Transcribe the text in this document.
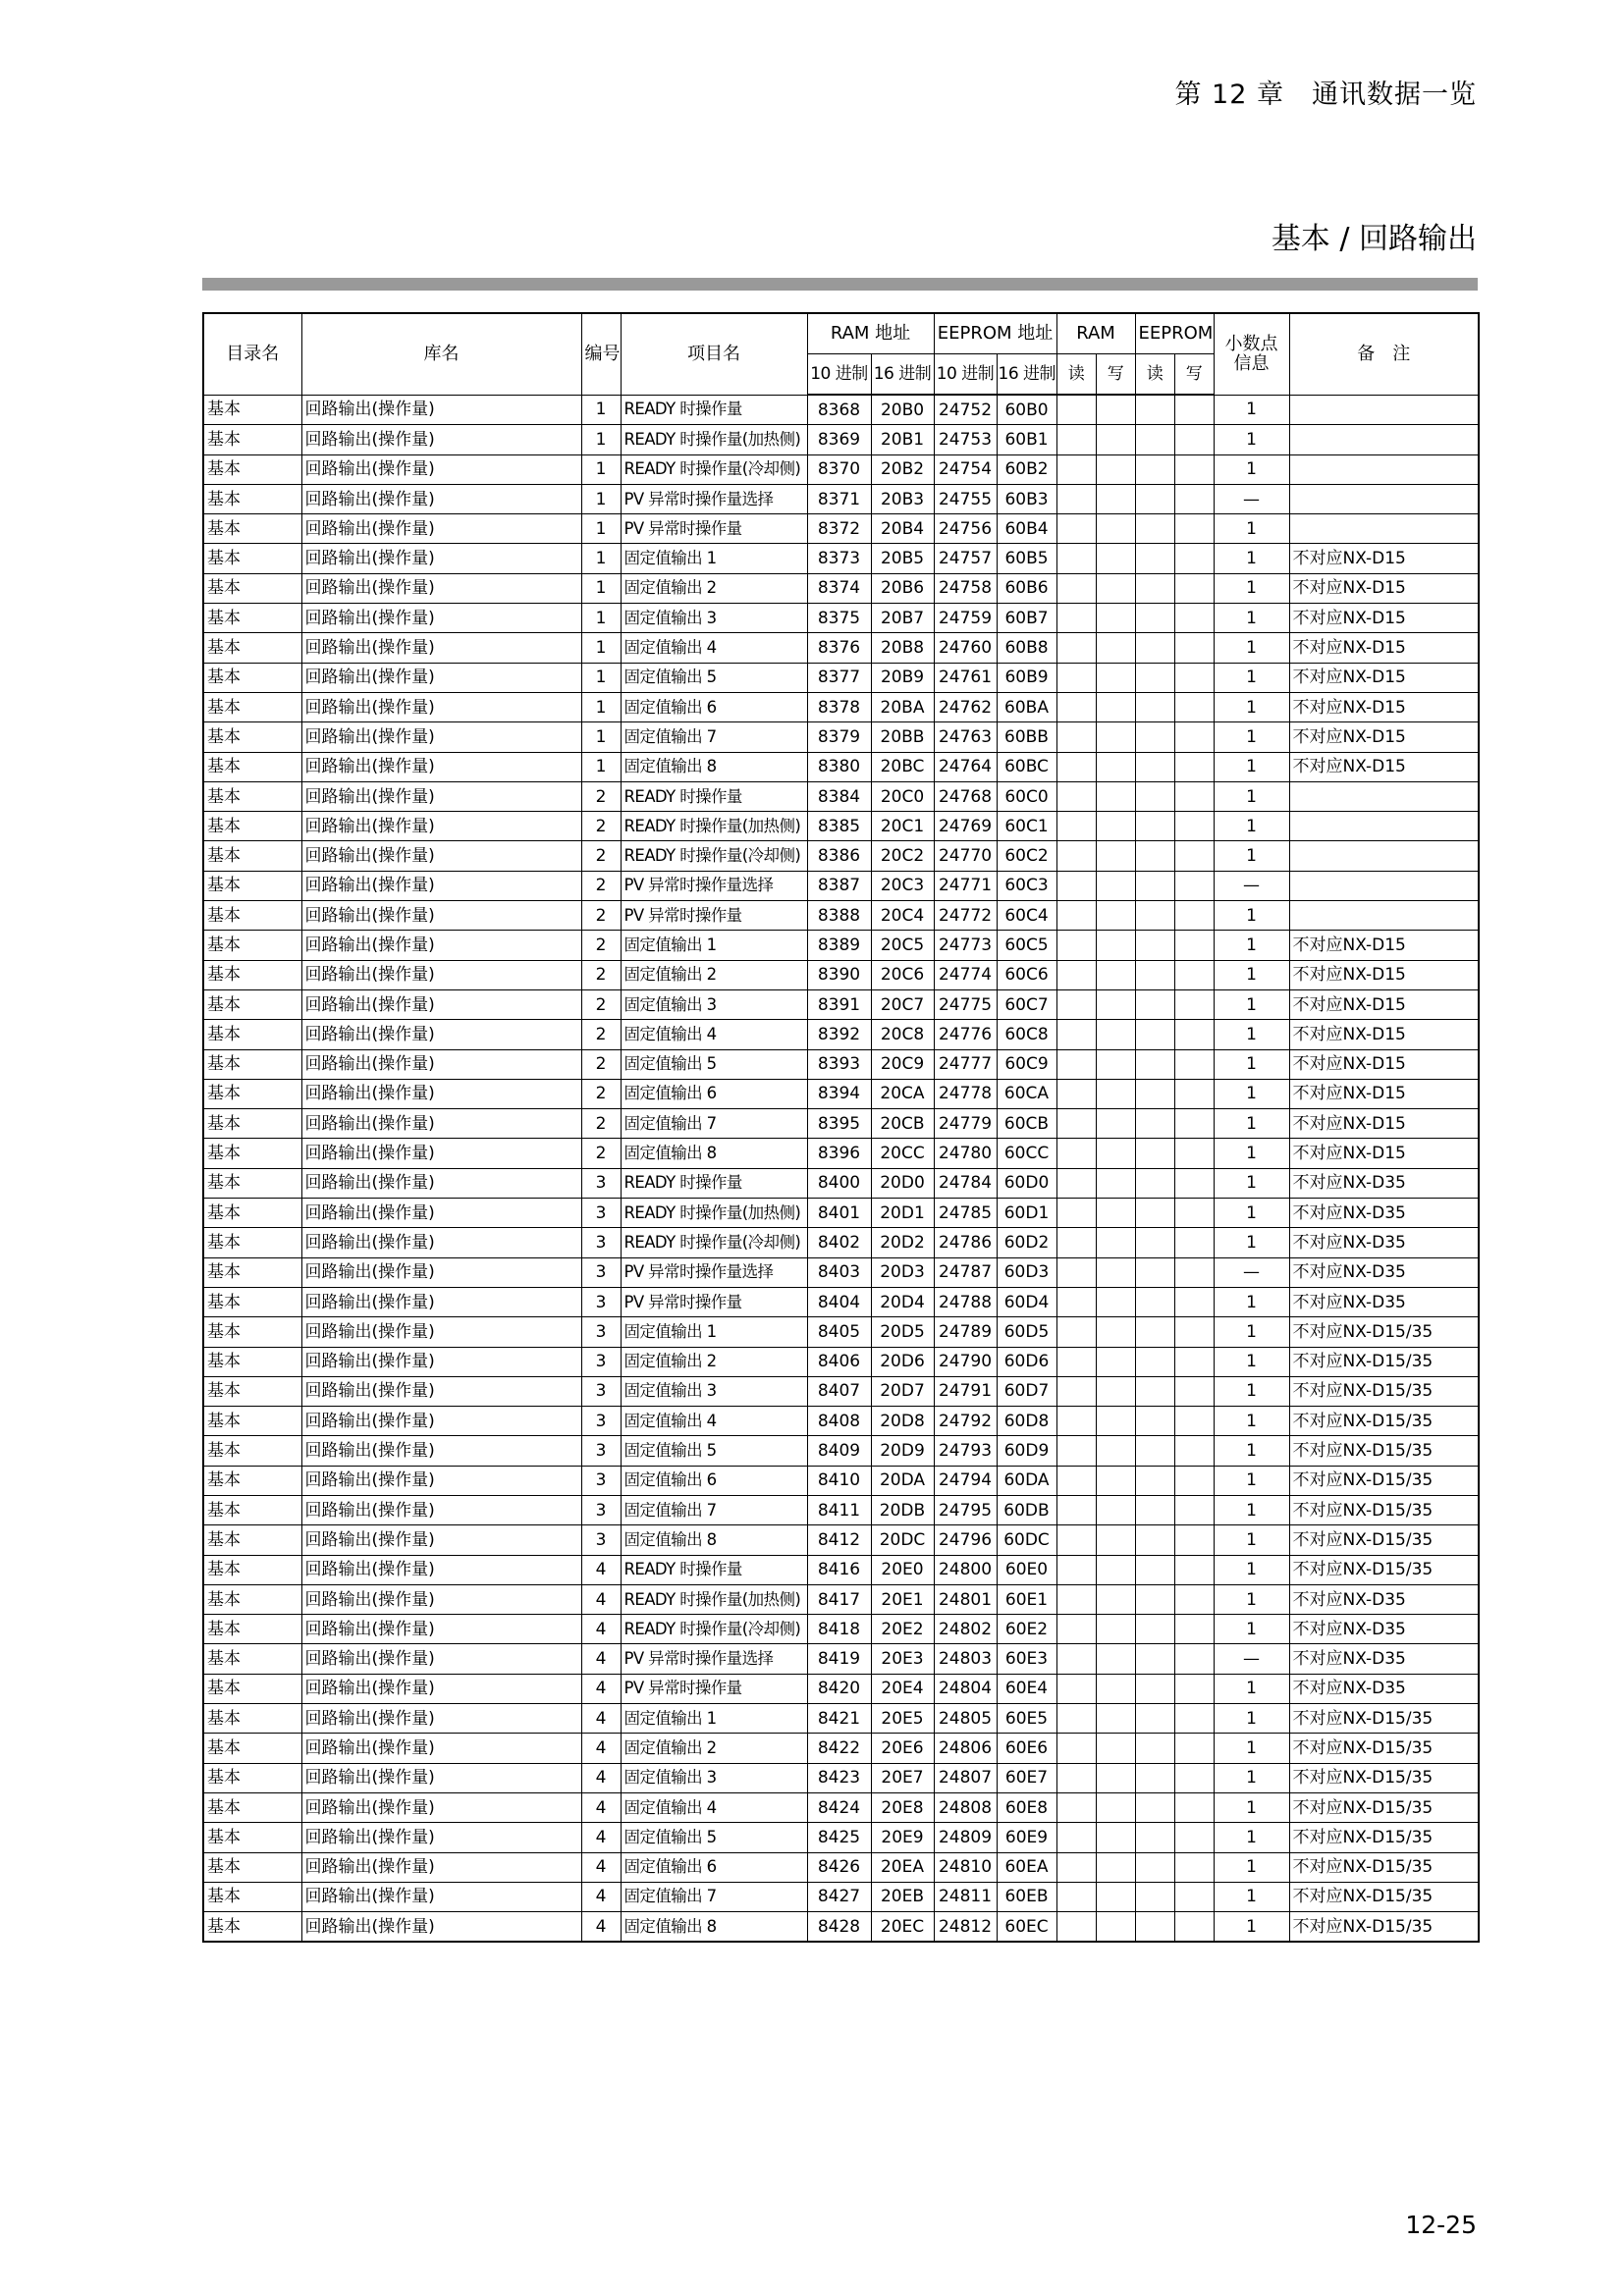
第 12 章　通讯数据一览
基本 / 回路输出
目录名	库名	编号	项目名	RAM 地址		EEPROM 地址		RAM		EEPROM		小数点信息	备　注
				10 进制	16 进制	10 进制	16 进制	读	写	读	写		
基本	回路输出(操作量)	1	READY 时操作量	8368	20B0	24752	60B0					1	
基本	回路输出(操作量)	1	READY 时操作量(加热侧)	8369	20B1	24753	60B1					1	
基本	回路输出(操作量)	1	READY 时操作量(冷却侧)	8370	20B2	24754	60B2					1	
基本	回路输出(操作量)	1	PV 异常时操作量选择	8371	20B3	24755	60B3					—	
基本	回路输出(操作量)	1	PV 异常时操作量	8372	20B4	24756	60B4					1	
基本	回路输出(操作量)	1	固定值输出 1	8373	20B5	24757	60B5					1	不对应NX-D15
基本	回路输出(操作量)	1	固定值输出 2	8374	20B6	24758	60B6					1	不对应NX-D15
基本	回路输出(操作量)	1	固定值输出 3	8375	20B7	24759	60B7					1	不对应NX-D15
基本	回路输出(操作量)	1	固定值输出 4	8376	20B8	24760	60B8					1	不对应NX-D15
基本	回路输出(操作量)	1	固定值输出 5	8377	20B9	24761	60B9					1	不对应NX-D15
基本	回路输出(操作量)	1	固定值输出 6	8378	20BA	24762	60BA					1	不对应NX-D15
基本	回路输出(操作量)	1	固定值输出 7	8379	20BB	24763	60BB					1	不对应NX-D15
基本	回路输出(操作量)	1	固定值输出 8	8380	20BC	24764	60BC					1	不对应NX-D15
基本	回路输出(操作量)	2	READY 时操作量	8384	20C0	24768	60C0					1	
基本	回路输出(操作量)	2	READY 时操作量(加热侧)	8385	20C1	24769	60C1					1	
基本	回路输出(操作量)	2	READY 时操作量(冷却侧)	8386	20C2	24770	60C2					1	
基本	回路输出(操作量)	2	PV 异常时操作量选择	8387	20C3	24771	60C3					—	
基本	回路输出(操作量)	2	PV 异常时操作量	8388	20C4	24772	60C4					1	
基本	回路输出(操作量)	2	固定值输出 1	8389	20C5	24773	60C5					1	不对应NX-D15
基本	回路输出(操作量)	2	固定值输出 2	8390	20C6	24774	60C6					1	不对应NX-D15
基本	回路输出(操作量)	2	固定值输出 3	8391	20C7	24775	60C7					1	不对应NX-D15
基本	回路输出(操作量)	2	固定值输出 4	8392	20C8	24776	60C8					1	不对应NX-D15
基本	回路输出(操作量)	2	固定值输出 5	8393	20C9	24777	60C9					1	不对应NX-D15
基本	回路输出(操作量)	2	固定值输出 6	8394	20CA	24778	60CA					1	不对应NX-D15
基本	回路输出(操作量)	2	固定值输出 7	8395	20CB	24779	60CB					1	不对应NX-D15
基本	回路输出(操作量)	2	固定值输出 8	8396	20CC	24780	60CC					1	不对应NX-D15
基本	回路输出(操作量)	3	READY 时操作量	8400	20D0	24784	60D0					1	不对应NX-D35
基本	回路输出(操作量)	3	READY 时操作量(加热侧)	8401	20D1	24785	60D1					1	不对应NX-D35
基本	回路输出(操作量)	3	READY 时操作量(冷却侧)	8402	20D2	24786	60D2					1	不对应NX-D35
基本	回路输出(操作量)	3	PV 异常时操作量选择	8403	20D3	24787	60D3					—	不对应NX-D35
基本	回路输出(操作量)	3	PV 异常时操作量	8404	20D4	24788	60D4					1	不对应NX-D35
基本	回路输出(操作量)	3	固定值输出 1	8405	20D5	24789	60D5					1	不对应NX-D15/35
基本	回路输出(操作量)	3	固定值输出 2	8406	20D6	24790	60D6					1	不对应NX-D15/35
基本	回路输出(操作量)	3	固定值输出 3	8407	20D7	24791	60D7					1	不对应NX-D15/35
基本	回路输出(操作量)	3	固定值输出 4	8408	20D8	24792	60D8					1	不对应NX-D15/35
基本	回路输出(操作量)	3	固定值输出 5	8409	20D9	24793	60D9					1	不对应NX-D15/35
基本	回路输出(操作量)	3	固定值输出 6	8410	20DA	24794	60DA					1	不对应NX-D15/35
基本	回路输出(操作量)	3	固定值输出 7	8411	20DB	24795	60DB					1	不对应NX-D15/35
基本	回路输出(操作量)	3	固定值输出 8	8412	20DC	24796	60DC					1	不对应NX-D15/35
基本	回路输出(操作量)	4	READY 时操作量	8416	20E0	24800	60E0					1	不对应NX-D15/35
基本	回路输出(操作量)	4	READY 时操作量(加热侧)	8417	20E1	24801	60E1					1	不对应NX-D35
基本	回路输出(操作量)	4	READY 时操作量(冷却侧)	8418	20E2	24802	60E2					1	不对应NX-D35
基本	回路输出(操作量)	4	PV 异常时操作量选择	8419	20E3	24803	60E3					—	不对应NX-D35
基本	回路输出(操作量)	4	PV 异常时操作量	8420	20E4	24804	60E4					1	不对应NX-D35
基本	回路输出(操作量)	4	固定值输出 1	8421	20E5	24805	60E5					1	不对应NX-D15/35
基本	回路输出(操作量)	4	固定值输出 2	8422	20E6	24806	60E6					1	不对应NX-D15/35
基本	回路输出(操作量)	4	固定值输出 3	8423	20E7	24807	60E7					1	不对应NX-D15/35
基本	回路输出(操作量)	4	固定值输出 4	8424	20E8	24808	60E8					1	不对应NX-D15/35
基本	回路输出(操作量)	4	固定值输出 5	8425	20E9	24809	60E9					1	不对应NX-D15/35
基本	回路输出(操作量)	4	固定值输出 6	8426	20EA	24810	60EA					1	不对应NX-D15/35
基本	回路输出(操作量)	4	固定值输出 7	8427	20EB	24811	60EB					1	不对应NX-D15/35
基本	回路输出(操作量)	4	固定值输出 8	8428	20EC	24812	60EC					1	不对应NX-D15/35
12-25
